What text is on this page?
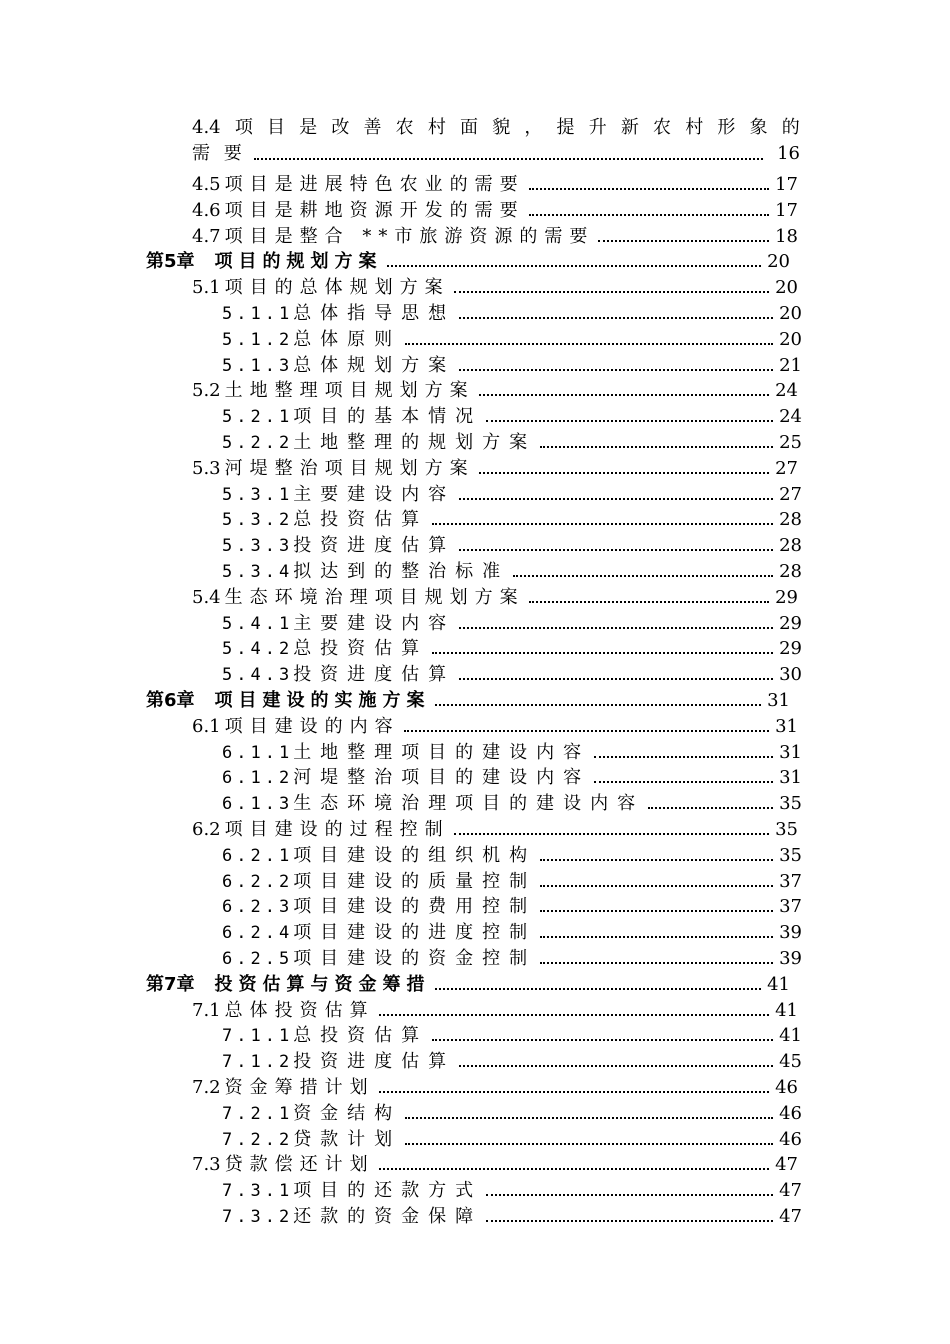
4.4 项 目 是 改 善 农 村 面 貌 ， 提 升 新 农 村 形 象 的
需 要	16
4.5 项目是进展特色农业的需要	17
4.6 项目是耕地资源开发的需要	17
4.7 项目是整合 **市旅游资源的需要	18
第5章 项目的规划方案	20
5.1 项目的总体规划方案	20
5.1.1总体指导思想	20
5.1.2总体原则	20
5.1.3总体规划方案	21
5.2 土地整理项目规划方案	24
5.2.1项目的基本情况	24
5.2.2土地整理的规划方案	25
5.3 河堤整治项目规划方案	27
5.3.1主要建设内容	27
5.3.2总投资估算	28
5.3.3投资进度估算	28
5.3.4拟达到的整治标准	28
5.4 生态环境治理项目规划方案	29
5.4.1主要建设内容	29
5.4.2总投资估算	29
5.4.3投资进度估算	30
第6章 项目建设的实施方案	31
6.1 项目建设的内容	31
6.1.1土地整理项目的建设内容	31
6.1.2河堤整治项目的建设内容	31
6.1.3生态环境治理项目的建设内容	35
6.2 项目建设的过程控制	35
6.2.1项目建设的组织机构	35
6.2.2项目建设的质量控制	37
6.2.3项目建设的费用控制	37
6.2.4项目建设的进度控制	39
6.2.5项目建设的资金控制	39
第7章 投资估算与资金筹措	41
7.1 总体投资估算	41
7.1.1总投资估算	41
7.1.2投资进度估算	45
7.2 资金筹措计划	46
7.2.1资金结构	46
7.2.2贷款计划	46
7.3 贷款偿还计划	47
7.3.1项目的还款方式	47
7.3.2还款的资金保障	47
